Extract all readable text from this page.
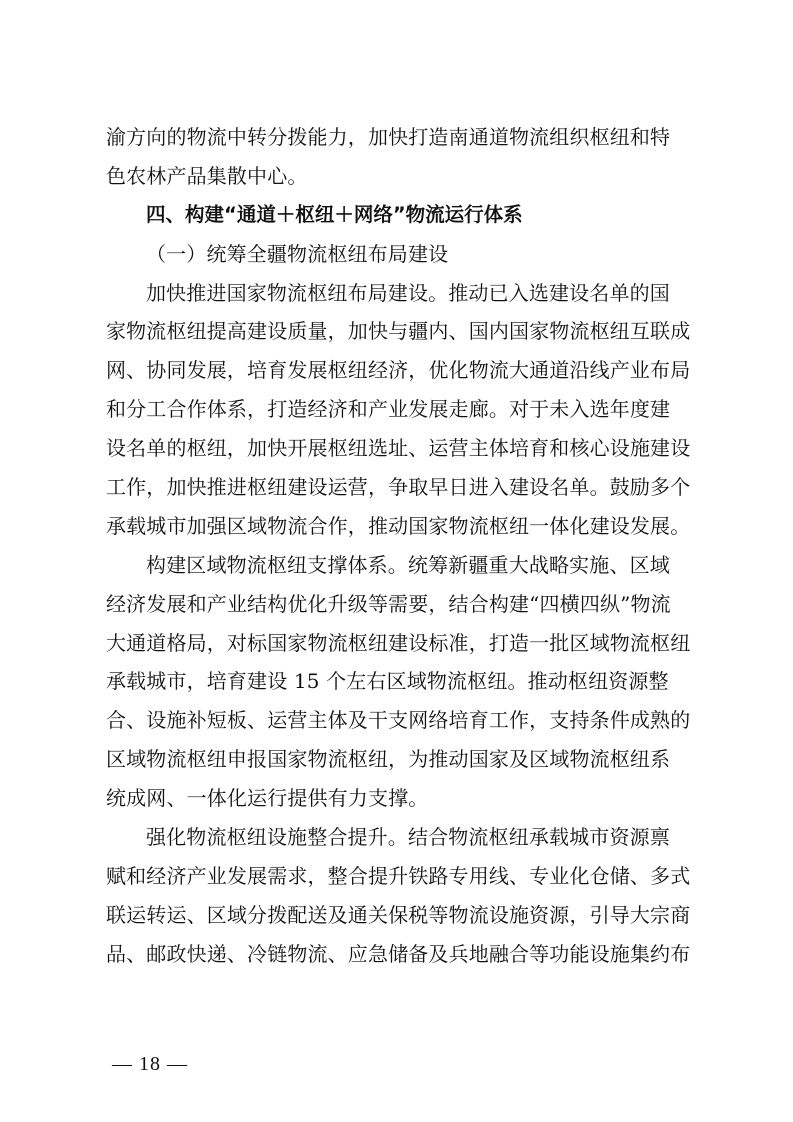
渝方向的物流中转分拨能力，加快打造南通道物流组织枢纽和特
色农林产品集散中心。
四、构建“通道＋枢纽＋网络”物流运行体系
（一）统筹全疆物流枢纽布局建设
加快推进国家物流枢纽布局建设。推动已入选建设名单的国
家物流枢纽提高建设质量，加快与疆内、国内国家物流枢纽互联成
网、协同发展，培育发展枢纽经济，优化物流大通道沿线产业布局
和分工合作体系，打造经济和产业发展走廊。对于未入选年度建
设名单的枢纽，加快开展枢纽选址、运营主体培育和核心设施建设
工作，加快推进枢纽建设运营，争取早日进入建设名单。鼓励多个
承载城市加强区域物流合作，推动国家物流枢纽一体化建设发展。
构建区域物流枢纽支撑体系。统筹新疆重大战略实施、区域
经济发展和产业结构优化升级等需要，结合构建“四横四纵”物流
大通道格局，对标国家物流枢纽建设标准，打造一批区域物流枢纽
承载城市，培育建设 15 个左右区域物流枢纽。推动枢纽资源整
合、设施补短板、运营主体及干支网络培育工作，支持条件成熟的
区域物流枢纽申报国家物流枢纽，为推动国家及区域物流枢纽系
统成网、一体化运行提供有力支撑。
强化物流枢纽设施整合提升。结合物流枢纽承载城市资源禀
赋和经济产业发展需求，整合提升铁路专用线、专业化仓储、多式
联运转运、区域分拨配送及通关保税等物流设施资源，引导大宗商
品、邮政快递、冷链物流、应急储备及兵地融合等功能设施集约布
— 18 —
